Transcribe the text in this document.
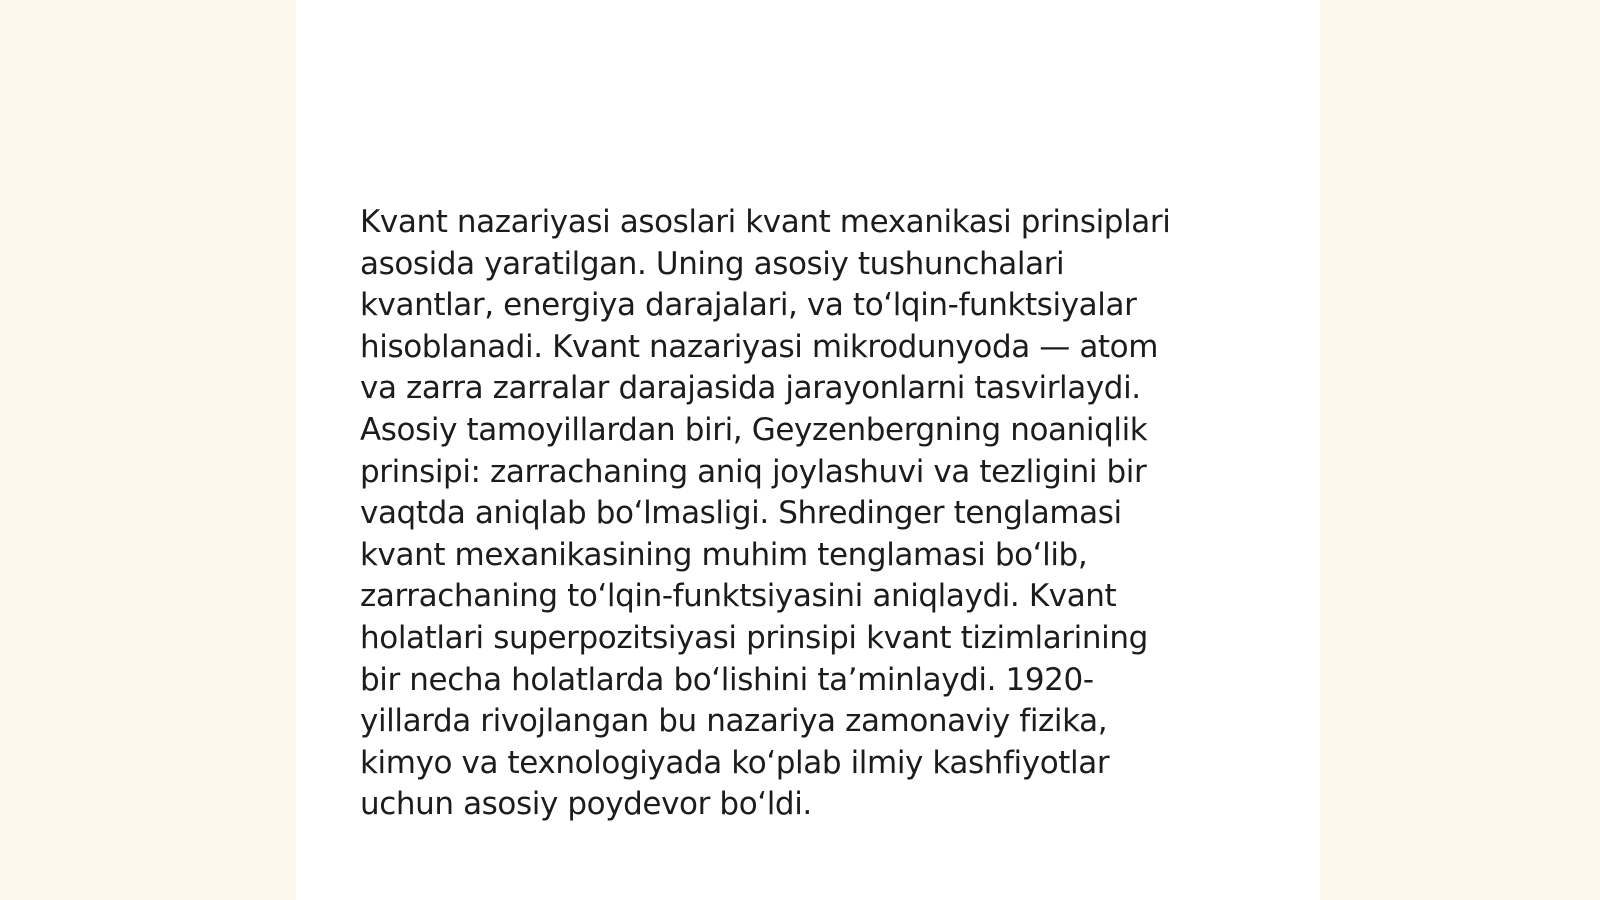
Kvant nazariyasi asoslari kvant mexanikasi prinsiplari
asosida yaratilgan. Uning asosiy tushunchalari
kvantlar, energiya darajalari, va to‘lqin-funktsiyalar
hisoblanadi. Kvant nazariyasi mikrodunyoda — atom
va zarra zarralar darajasida jarayonlarni tasvirlaydi.
Asosiy tamoyillardan biri, Geyzenbergning noaniqlik
prinsipi: zarrachaning aniq joylashuvi va tezligini bir
vaqtda aniqlab bo‘lmasligi. Shredinger tenglamasi
kvant mexanikasining muhim tenglamasi bo‘lib,
zarrachaning to‘lqin-funktsiyasini aniqlaydi. Kvant
holatlari superpozitsiyasi prinsipi kvant tizimlarining
bir necha holatlarda bo‘lishini ta’minlaydi. 1920-
yillarda rivojlangan bu nazariya zamonaviy fizika,
kimyo va texnologiyada ko‘plab ilmiy kashfiyotlar
uchun asosiy poydevor bo‘ldi.
